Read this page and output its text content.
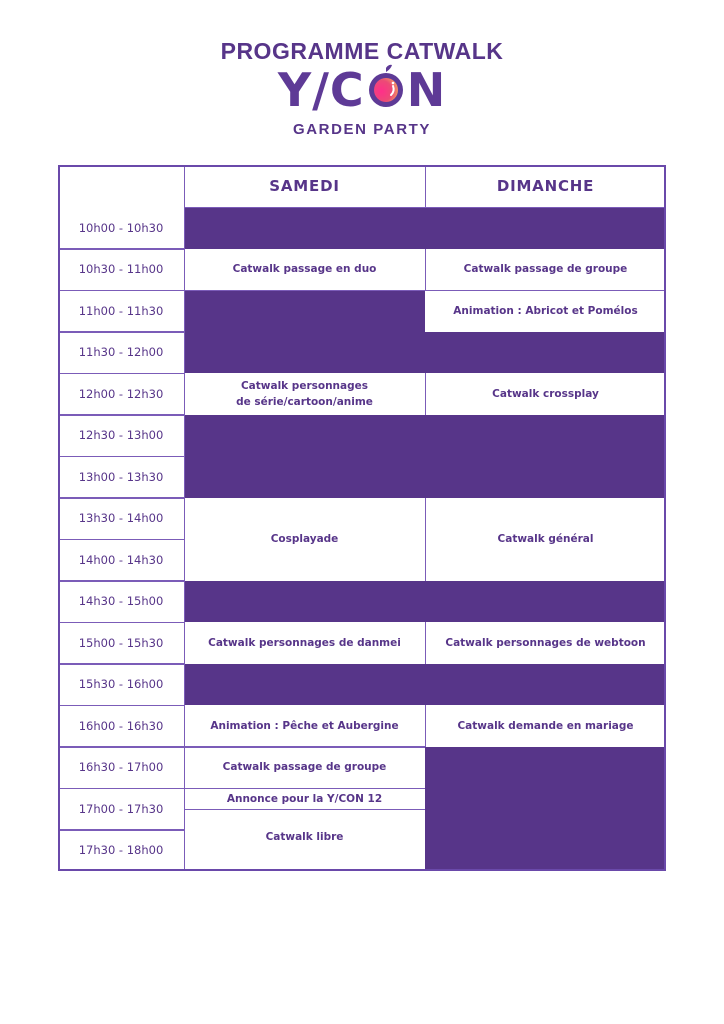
PROGRAMME CATWALK
Y/C N
GARDEN PARTY
SAMEDI	DIMANCHE
10h00 - 10h30
10h30 - 11h00
11h00 - 11h30
11h30 - 12h00
12h00 - 12h30
12h30 - 13h00
13h00 - 13h30
13h30 - 14h00
14h00 - 14h30
14h30 - 15h00
15h00 - 15h30
15h30 - 16h00
16h00 - 16h30
16h30 - 17h00
17h00 - 17h30
17h30 - 18h00
Catwalk passage en duo
Catwalk personnages
de série/cartoon/anime
Cosplayade
Catwalk personnages de danmei
Animation : Pêche et Aubergine
Catwalk passage de groupe
Annonce pour la Y/CON 12
Catwalk libre
Catwalk passage de groupe
Animation : Abricot et Pomélos
Catwalk crossplay
Catwalk général
Catwalk personnages de webtoon
Catwalk demande en mariage
